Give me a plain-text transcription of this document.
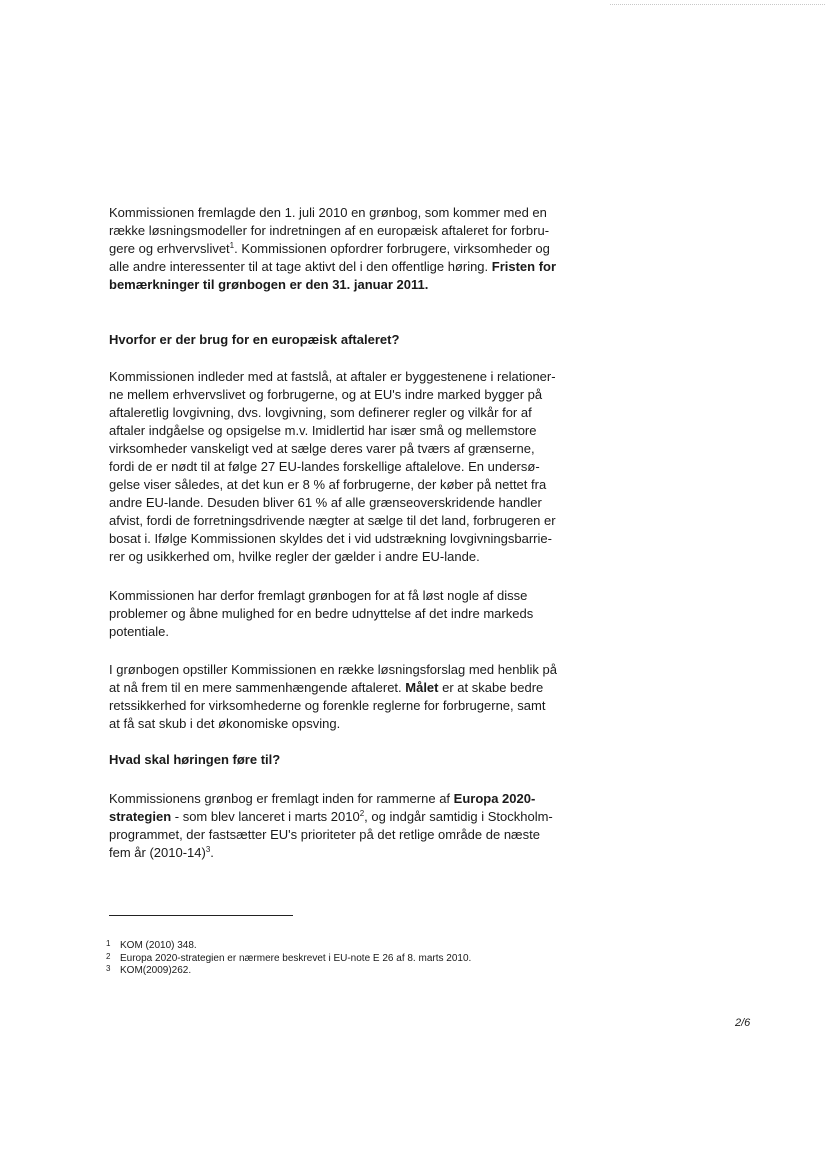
Kommissionen fremlagde den 1. juli 2010 en grønbog, som kommer med en
række løsningsmodeller for indretningen af en europæisk aftaleret for forbru-
gere og erhvervslivet$^1$. Kommissionen opfordrer forbrugere, virksomheder og
alle andre interessenter til at tage aktivt del i den offentlige høring. Fristen for
bemærkninger til grønbogen er den 31. januar 2011.
Hvorfor er der brug for en europæisk aftaleret?
Kommissionen indleder med at fastslå, at aftaler er byggestenene i relationer-
ne mellem erhvervslivet og forbrugerne, og at EU's indre marked bygger på
aftaleretlig lovgivning, dvs. lovgivning, som definerer regler og vilkår for af
aftaler indgåelse og opsigelse m.v. Imidlertid har især små og mellemstore
virksomheder vanskeligt ved at sælge deres varer på tværs af grænserne,
fordi de er nødt til at følge 27 EU-landes forskellige aftalelove. En undersø-
gelse viser således, at det kun er 8 % af forbrugerne, der køber på nettet fra
andre EU-lande. Desuden bliver 61 % af alle grænseoverskridende handler
afvist, fordi de forretningsdrivende nægter at sælge til det land, forbrugeren er
bosat i. Ifølge Kommissionen skyldes det i vid udstrækning lovgivningsbarrie-
rer og usikkerhed om, hvilke regler der gælder i andre EU-lande.
Kommissionen har derfor fremlagt grønbogen for at få løst nogle af disse
problemer og åbne mulighed for en bedre udnyttelse af det indre markeds
potentiale.
I grønbogen opstiller Kommissionen en række løsningsforslag med henblik på
at nå frem til en mere sammenhængende aftaleret. Målet er at skabe bedre
retssikkerhed for virksomhederne og forenkle reglerne for forbrugerne, samt
at få sat skub i det økonomiske opsving.
Hvad skal høringen føre til?
Kommissionens grønbog er fremlagt inden for rammerne af Europa 2020-
strategien - som blev lanceret i marts 2010$^2$, og indgår samtidig i Stockholm-
programmet, der fastsætter EU's prioriteter på det retlige område de næste
fem år (2010-14)$^3$.
1 KOM (2010) 348.
2 Europa 2020-strategien er nærmere beskrevet i EU-note E 26 af 8. marts 2010.
3 KOM(2009)262.
2/6
